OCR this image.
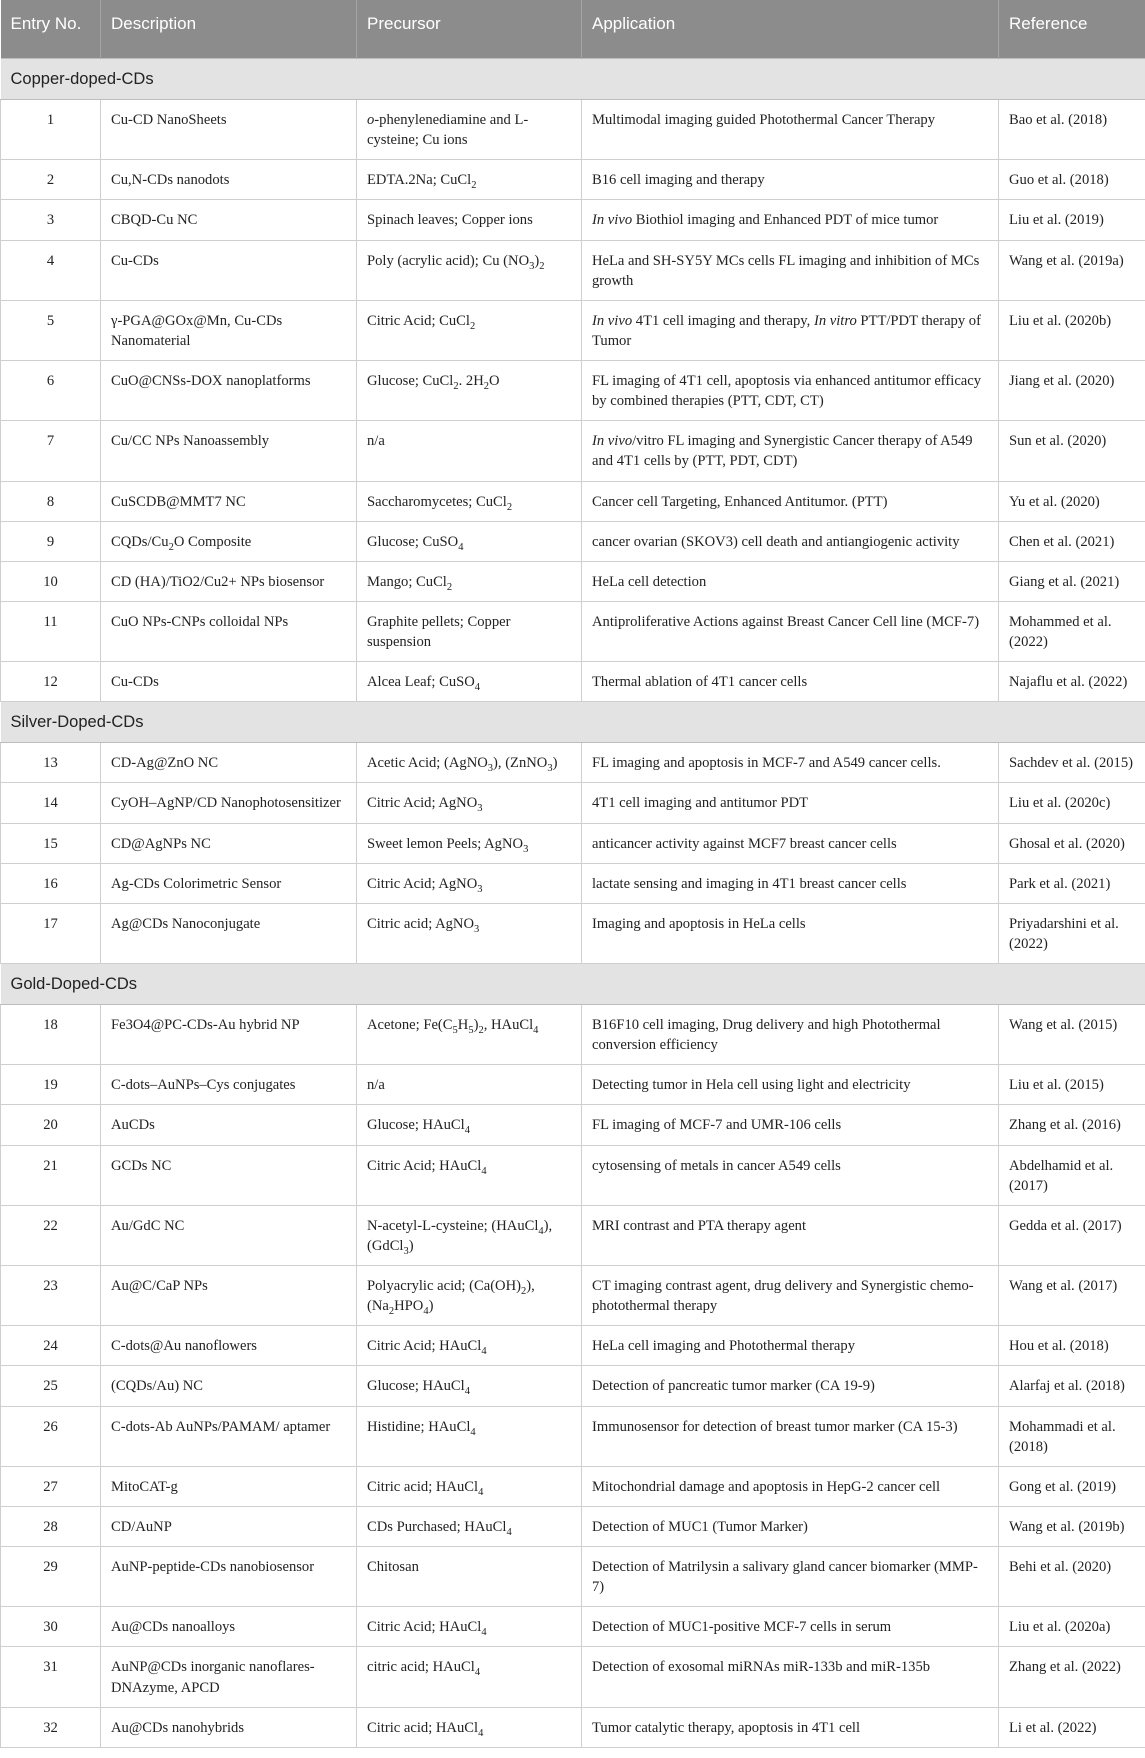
Entry No.	Description	Precursor	Application	Reference
Copper-doped-CDs				
1	Cu-CD NanoSheets	o-phenylenediamine and L-cysteine; Cu ions	Multimodal imaging guided Photothermal Cancer Therapy	Bao et al. (2018)
2	Cu,N-CDs nanodots	EDTA.2Na; CuCl$_2$	B16 cell imaging and therapy	Guo et al. (2018)
3	CBQD-Cu NC	Spinach leaves; Copper ions	In vivo Biothiol imaging and Enhanced PDT of mice tumor	Liu et al. (2019)
4	Cu-CDs	Poly (acrylic acid); Cu $(NO_3)_2$	HeLa and SH-SY5Y MCs cells FL imaging and inhibition of MCs growth	Wang et al. (2019a)
5	γ-PGA@GOx@Mn, Cu-CDs Nanomaterial	Citric Acid; CuCl$_2$	In vivo 4T1 cell imaging and therapy, In vitro PTT/PDT therapy of Tumor	Liu et al. (2020b)
6	CuO@CNSs-DOX nanoplatforms	Glucose; CuCl$_2$. $2H_2O$	FL imaging of 4T1 cell, apoptosis via enhanced antitumor efficacy by combined therapies (PTT, CDT, CT)	Jiang et al. (2020)
7	Cu/CC NPs Nanoassembly	n/a	In vivo/vitro FL imaging and Synergistic Cancer therapy of A549 and 4T1 cells by (PTT, PDT, CDT)	Sun et al. (2020)
8	CuSCDB@MMT7 NC	Saccharomycetes; CuCl$_2$	Cancer cell Targeting, Enhanced Antitumor. (PTT)	Yu et al. (2020)
9	CQDs/$Cu_2O$ Composite	Glucose; CuSO$_4$	cancer ovarian (SKOV3) cell death and antiangiogenic activity	Chen et al. (2021)
10	CD (HA)/TiO2/Cu2+ NPs biosensor	Mango; CuCl$_2$	HeLa cell detection	Giang et al. (2021)
11	CuO NPs-CNPs colloidal NPs	Graphite pellets; Copper suspension	Antiproliferative Actions against Breast Cancer Cell line (MCF-7)	Mohammed et al. (2022)
12	Cu-CDs	Alcea Leaf; CuSO$_4$	Thermal ablation of 4T1 cancer cells	Najaflu et al. (2022)
Silver-Doped-CDs				
13	CD-Ag@ZnO NC	Acetic Acid; (AgNO$_3$), (ZnNO$_3$)	FL imaging and apoptosis in MCF-7 and A549 cancer cells.	Sachdev et al. (2015)
14	CyOH–AgNP/CD Nanophotosensitizer	Citric Acid; AgNO$_3$	4T1 cell imaging and antitumor PDT	Liu et al. (2020c)
15	CD@AgNPs NC	Sweet lemon Peels; AgNO$_3$	anticancer activity against MCF7 breast cancer cells	Ghosal et al. (2020)
16	Ag-CDs Colorimetric Sensor	Citric Acid; AgNO$_3$	lactate sensing and imaging in 4T1 breast cancer cells	Park et al. (2021)
17	Ag@CDs Nanoconjugate	Citric acid; AgNO$_3$	Imaging and apoptosis in HeLa cells	Priyadarshini et al. (2022)
Gold-Doped-CDs				
18	Fe3O4@PC-CDs-Au hybrid NP	Acetone; $Fe(C_5H_5)_2$, HAuCl$_4$	B16F10 cell imaging, Drug delivery and high Photothermal conversion efficiency	Wang et al. (2015)
19	C-dots–AuNPs–Cys conjugates	n/a	Detecting tumor in Hela cell using light and electricity	Liu et al. (2015)
20	AuCDs	Glucose; HAuCl$_4$	FL imaging of MCF-7 and UMR-106 cells	Zhang et al. (2016)
21	GCDs NC	Citric Acid; HAuCl$_4$	cytosensing of metals in cancer A549 cells	Abdelhamid et al. (2017)
22	Au/GdC NC	N-acetyl-L-cysteine; (HAuCl$_4$), (GdCl$_3$)	MRI contrast and PTA therapy agent	Gedda et al. (2017)
23	Au@C/CaP NPs	Polyacrylic acid; $(Ca(OH)_2)$, $(Na_2HPO_4)$	CT imaging contrast agent, drug delivery and Synergistic chemo-photothermal therapy	Wang et al. (2017)
24	C-dots@Au nanoflowers	Citric Acid; HAuCl$_4$	HeLa cell imaging and Photothermal therapy	Hou et al. (2018)
25	(CQDs/Au) NC	Glucose; HAuCl$_4$	Detection of pancreatic tumor marker (CA 19-9)	Alarfaj et al. (2018)
26	C-dots-Ab AuNPs/PAMAM/ aptamer	Histidine; HAuCl$_4$	Immunosensor for detection of breast tumor marker (CA 15-3)	Mohammadi et al. (2018)
27	MitoCAT-g	Citric acid; HAuCl$_4$	Mitochondrial damage and apoptosis in HepG-2 cancer cell	Gong et al. (2019)
28	CD/AuNP	CDs Purchased; HAuCl$_4$	Detection of MUC1 (Tumor Marker)	Wang et al. (2019b)
29	AuNP-peptide-CDs nanobiosensor	Chitosan	Detection of Matrilysin a salivary gland cancer biomarker (MMP-7)	Behi et al. (2020)
30	Au@CDs nanoalloys	Citric Acid; HAuCl$_4$	Detection of MUC1-positive MCF-7 cells in serum	Liu et al. (2020a)
31	AuNP@CDs inorganic nanoflares-DNAzyme, APCD	citric acid; HAuCl$_4$	Detection of exosomal miRNAs miR-133b and miR-135b	Zhang et al. (2022)
32	Au@CDs nanohybrids	Citric acid; HAuCl$_4$	Tumor catalytic therapy, apoptosis in 4T1 cell	Li et al. (2022)
